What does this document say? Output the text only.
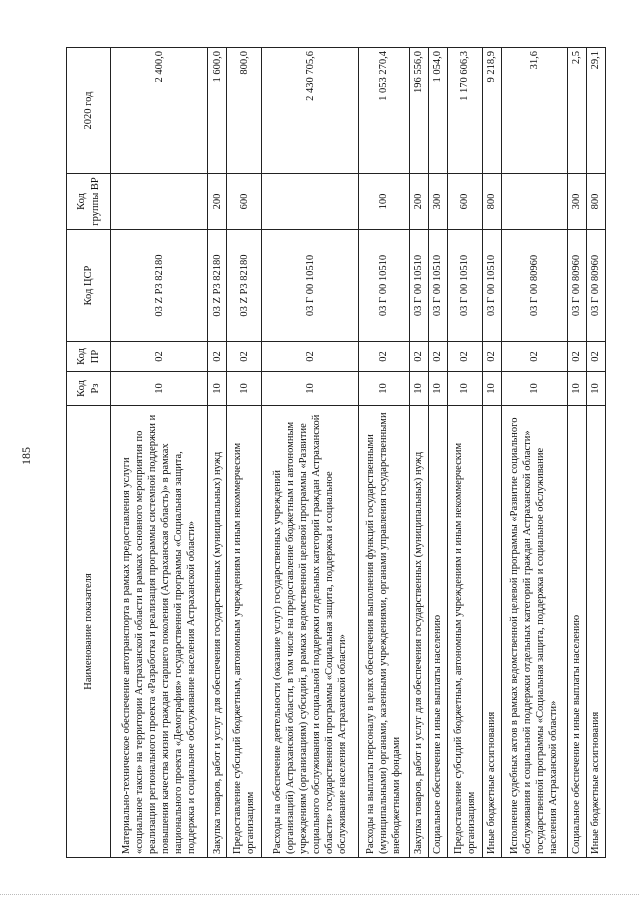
185
Наименование показателя	Код Рз	Код ПР	Код ЦСР	Код группы ВР	2020 год
Материально-техническое обеспечение автотранспорта в рамках предоставления услуги «социальное такси» на территории Астраханской области в рамках основного мероприятия по реализации регионального проекта «Разработка и реализация программы системной поддержки и повышения качества жизни граждан старшего поколения (Астраханская область)» в рамках национального проекта «Демография» государственной программы «Социальная защита, поддержка и социальное обслуживание населения Астраханской области»	10	02	03 Z P3 82180		2 400,0
Закупка товаров, работ и услуг для обеспечения государственных (муниципальных) нужд	10	02	03 Z P3 82180	200	1 600,0
Предоставление субсидий бюджетным, автономным учреждениям и иным некоммерческим организациям	10	02	03 Z P3 82180	600	800,0
Расходы на обеспечение деятельности (оказание услуг) государственных учреждений (организаций) Астраханской области, в том числе на предоставление бюджетным и автономным учреждениям (организациям) субсидий, в рамках ведомственной целевой программы «Развитие социального обслуживания и социальной поддержки отдельных категорий граждан Астраханской области» государственной программы «Социальная защита, поддержка и социальное обслуживание населения Астраханской области»	10	02	03 Г 00 10510		2 430 705,6
Расходы на выплаты персоналу в целях обеспечения выполнения функций государственными (муниципальными) органами, казенными учреждениями, органами управления государственными внебюджетными фондами	10	02	03 Г 00 10510	100	1 053 270,4
Закупка товаров, работ и услуг для обеспечения государственных (муниципальных) нужд	10	02	03 Г 00 10510	200	196 556,0
Социальное обеспечение и иные выплаты населению	10	02	03 Г 00 10510	300	1 054,0
Предоставление субсидий бюджетным, автономным учреждениям и иным некоммерческим организациям	10	02	03 Г 00 10510	600	1 170 606,3
Иные бюджетные ассигнования	10	02	03 Г 00 10510	800	9 218,9
Исполнение судебных актов в рамках ведомственной целевой программы «Развитие социального обслуживания и социальной поддержки отдельных категорий граждан Астраханской области» государственной программы «Социальная защита, поддержка и социальное обслуживание населения Астраханской области»	10	02	03 Г 00 80960		31,6
Социальное обеспечение и иные выплаты населению	10	02	03 Г 00 80960	300	2,5
Иные бюджетные ассигнования	10	02	03 Г 00 80960	800	29,1
